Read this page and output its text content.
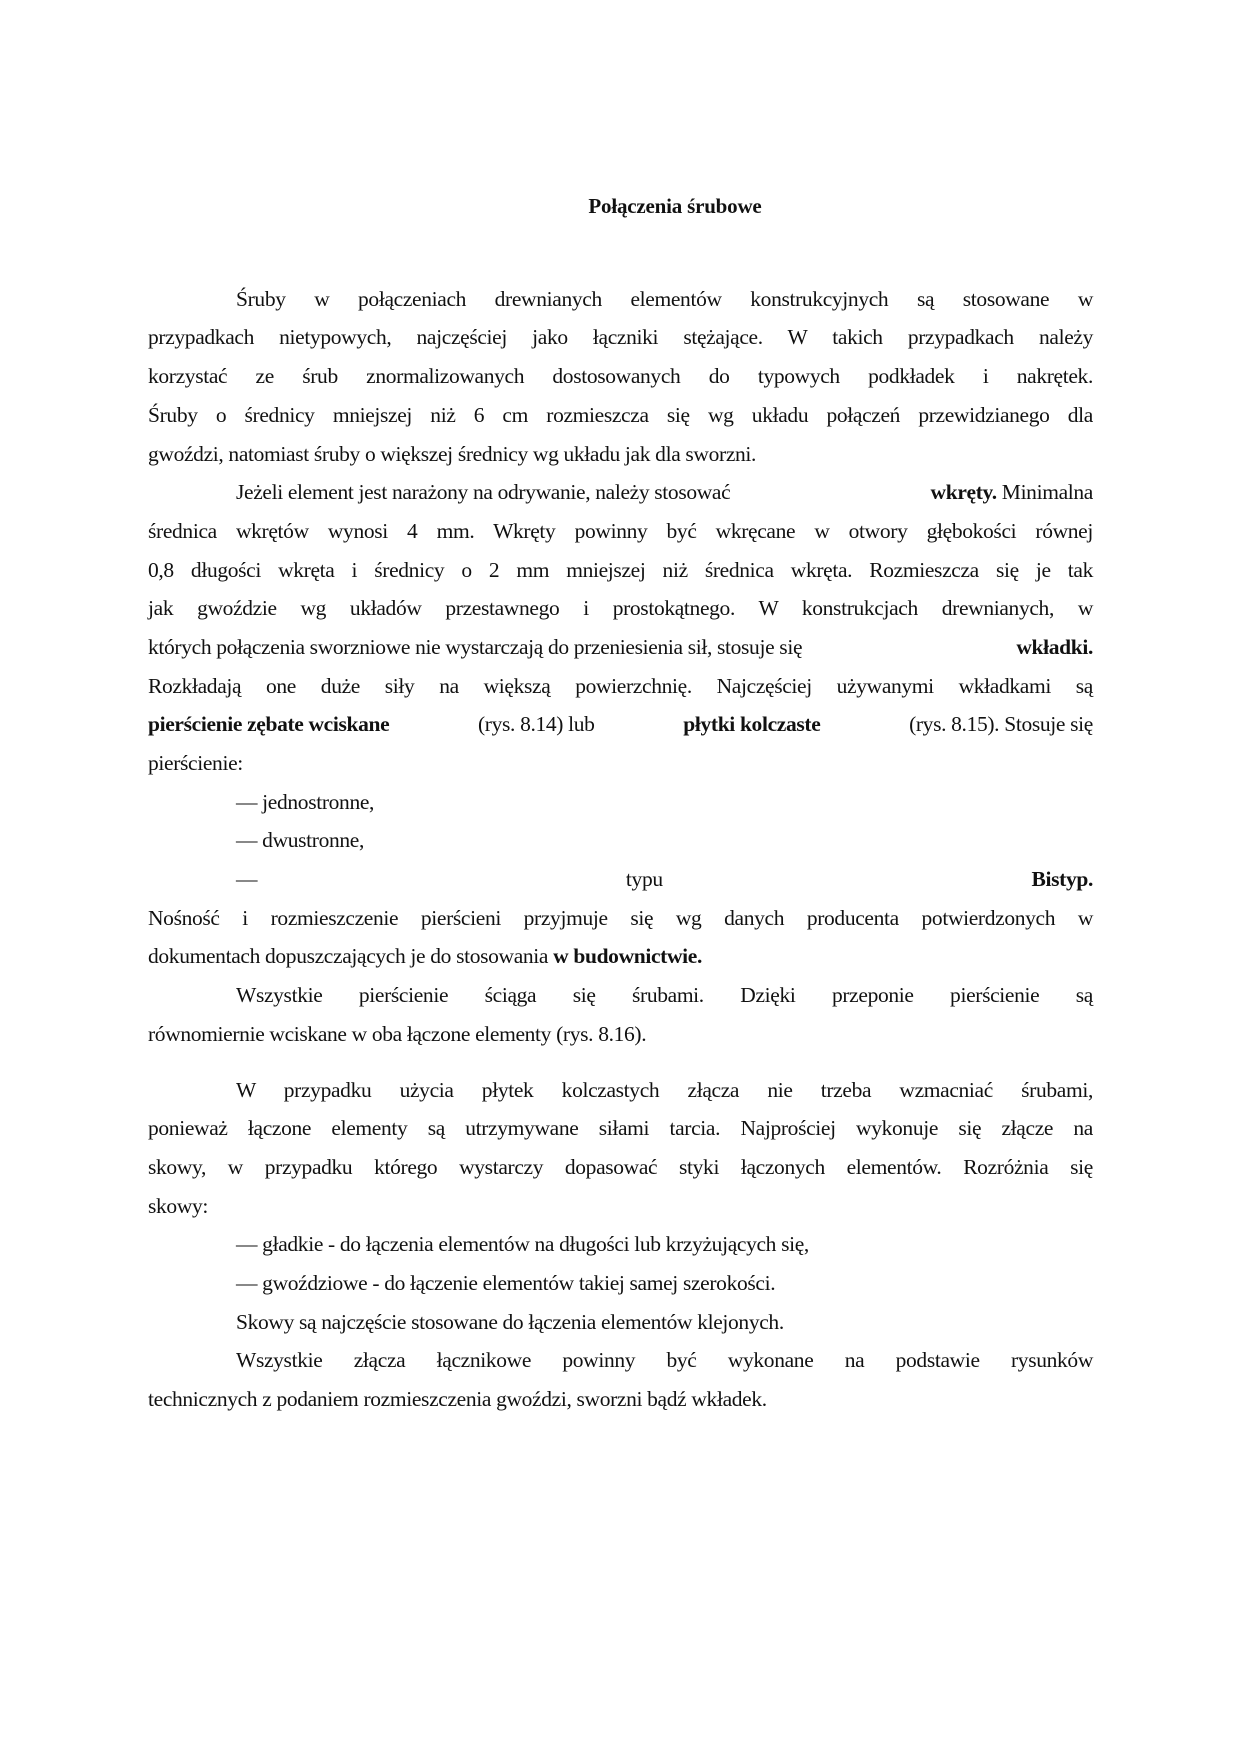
Połączenia śrubowe
Śruby w połączeniach drewnianych elementów konstrukcyjnych są stosowane w
przypadkach nietypowych, najczęściej jako łączniki stężające. W takich przypadkach należy
korzystać ze śrub znormalizowanych dostosowanych do typowych podkładek i nakrętek.
Śruby o średnicy mniejszej niż 6 cm rozmieszcza się wg układu połączeń przewidzianego dla
gwoździ, natomiast śruby o większej średnicy wg układu jak dla sworzni.
Jeżeli element jest narażony na odrywanie, należy stosować	wkręty. Minimalna
średnica wkrętów wynosi 4 mm. Wkręty powinny być wkręcane w otwory głębokości równej
0,8 długości wkręta i średnicy o 2 mm mniejszej niż średnica wkręta. Rozmieszcza się je tak
jak gwoździe wg układów przestawnego i prostokątnego. W konstrukcjach drewnianych, w
których połączenia sworzniowe nie wystarczają do przeniesienia sił, stosuje się	wkładki.
Rozkładają one duże siły na większą powierzchnię. Najczęściej używanymi wkładkami są
pierścienie zębate wciskane	(rys. 8.14) lub	płytki kolczaste	(rys. 8.15). Stosuje się
pierścienie:
— jednostronne,
— dwustronne,
—	typu	Bistyp.
Nośność i rozmieszczenie pierścieni przyjmuje się wg danych producenta potwierdzonych w
dokumentach dopuszczających je do stosowania w budownictwie.
Wszystkie pierścienie ściąga się śrubami. Dzięki przeponie pierścienie są
równomiernie wciskane w oba łączone elementy (rys. 8.16).
W przypadku użycia płytek kolczastych złącza nie trzeba wzmacniać śrubami,
ponieważ łączone elementy są utrzymywane siłami tarcia. Najprościej wykonuje się złącze na
skowy, w przypadku którego wystarczy dopasować styki łączonych elementów. Rozróżnia się
skowy:
— gładkie - do łączenia elementów na długości lub krzyżujących się,
— gwoździowe - do łączenie elementów takiej samej szerokości.
Skowy są najczęście stosowane do łączenia elementów klejonych.
Wszystkie złącza łącznikowe powinny być wykonane na podstawie rysunków
technicznych z podaniem rozmieszczenia gwoździ, sworzni bądź wkładek.
